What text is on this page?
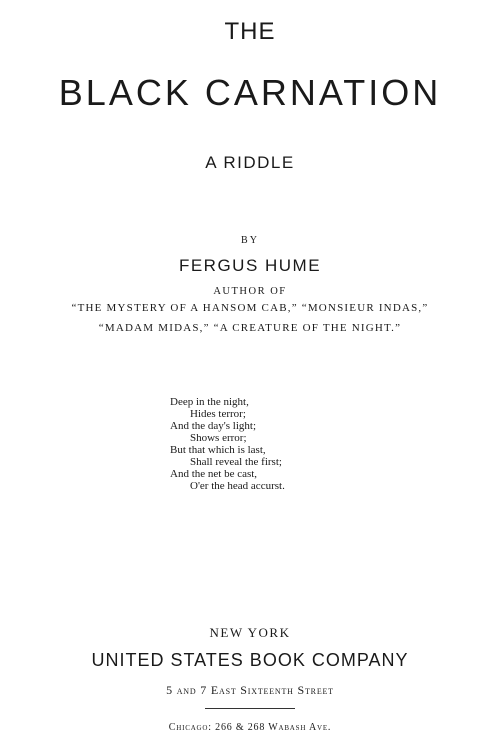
THE
BLACK CARNATION
A RIDDLE
BY
FERGUS HUME
AUTHOR OF
“THE MYSTERY OF A HANSOM CAB,” “MONSIEUR INDAS,”
“MADAM MIDAS,” “A CREATURE OF THE NIGHT.”
Deep in the night,
Hides terror;
And the day's light;
Shows error;
But that which is last,
Shall reveal the first;
And the net be cast,
O'er the head accurst.
NEW YORK
UNITED STATES BOOK COMPANY
5 and 7 East Sixteenth Street
Chicago: 266 & 268 Wabash Ave.
